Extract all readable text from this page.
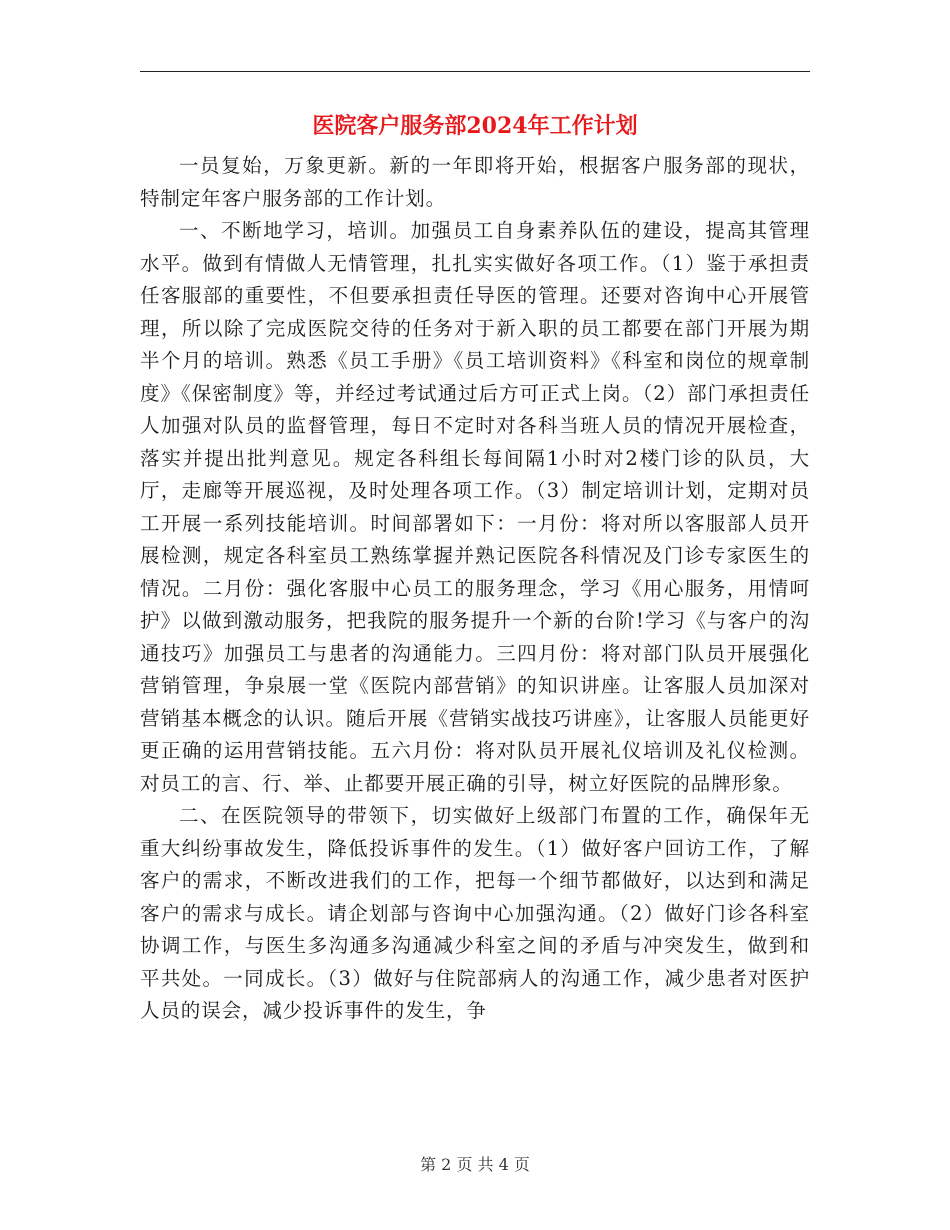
医院客户服务部2024年工作计划

一员复始，万象更新。新的一年即将开始，根据客户服务部的现状，特制定年客户服务部的工作计划。

一、不断地学习，培训。加强员工自身素养队伍的建设，提高其管理水平。做到有情做人无情管理，扎扎实实做好各项工作。（1）鉴于承担责任客服部的重要性，不但要承担责任导医的管理。还要对咨询中心开展管理，所以除了完成医院交待的任务对于新入职的员工都要在部门开展为期半个月的培训。熟悉《员工手册》《员工培训资料》《科室和岗位的规章制度》《保密制度》等，并经过考试通过后方可正式上岗。（2）部门承担责任人加强对队员的监督管理，每日不定时对各科当班人员的情况开展检查，落实并提出批判意见。规定各科组长每间隔1小时对2楼门诊的队员，大厅，走廊等开展巡视，及时处理各项工作。（3）制定培训计划，定期对员工开展一系列技能培训。时间部署如下：一月份：将对所以客服部人员开展检测，规定各科室员工熟练掌握并熟记医院各科情况及门诊专家医生的情况。二月份：强化客服中心员工的服务理念，学习《用心服务，用情呵护》以做到激动服务，把我院的服务提升一个新的台阶!学习《与客户的沟通技巧》加强员工与患者的沟通能力。三四月份：将对部门队员开展强化营销管理，争泉展一堂《医院内部营销》的知识讲座。让客服人员加深对营销基本概念的认识。随后开展《营销实战技巧讲座》，让客服人员能更好更正确的运用营销技能。五六月份：将对队员开展礼仪培训及礼仪检测。对员工的言、行、举、止都要开展正确的引导，树立好医院的品牌形象。

二、在医院领导的带领下，切实做好上级部门布置的工作，确保年无重大纠纷事故发生，降低投诉事件的发生。（1）做好客户回访工作，了解客户的需求，不断改进我们的工作，把每一个细节都做好，以达到和满足客户的需求与成长。请企划部与咨询中心加强沟通。（2）做好门诊各科室协调工作，与医生多沟通多沟通减少科室之间的矛盾与冲突发生，做到和平共处。一同成长。（3）做好与住院部病人的沟通工作，减少患者对医护人员的误会，减少投诉事件的发生，争

第 2 页 共 4 页
